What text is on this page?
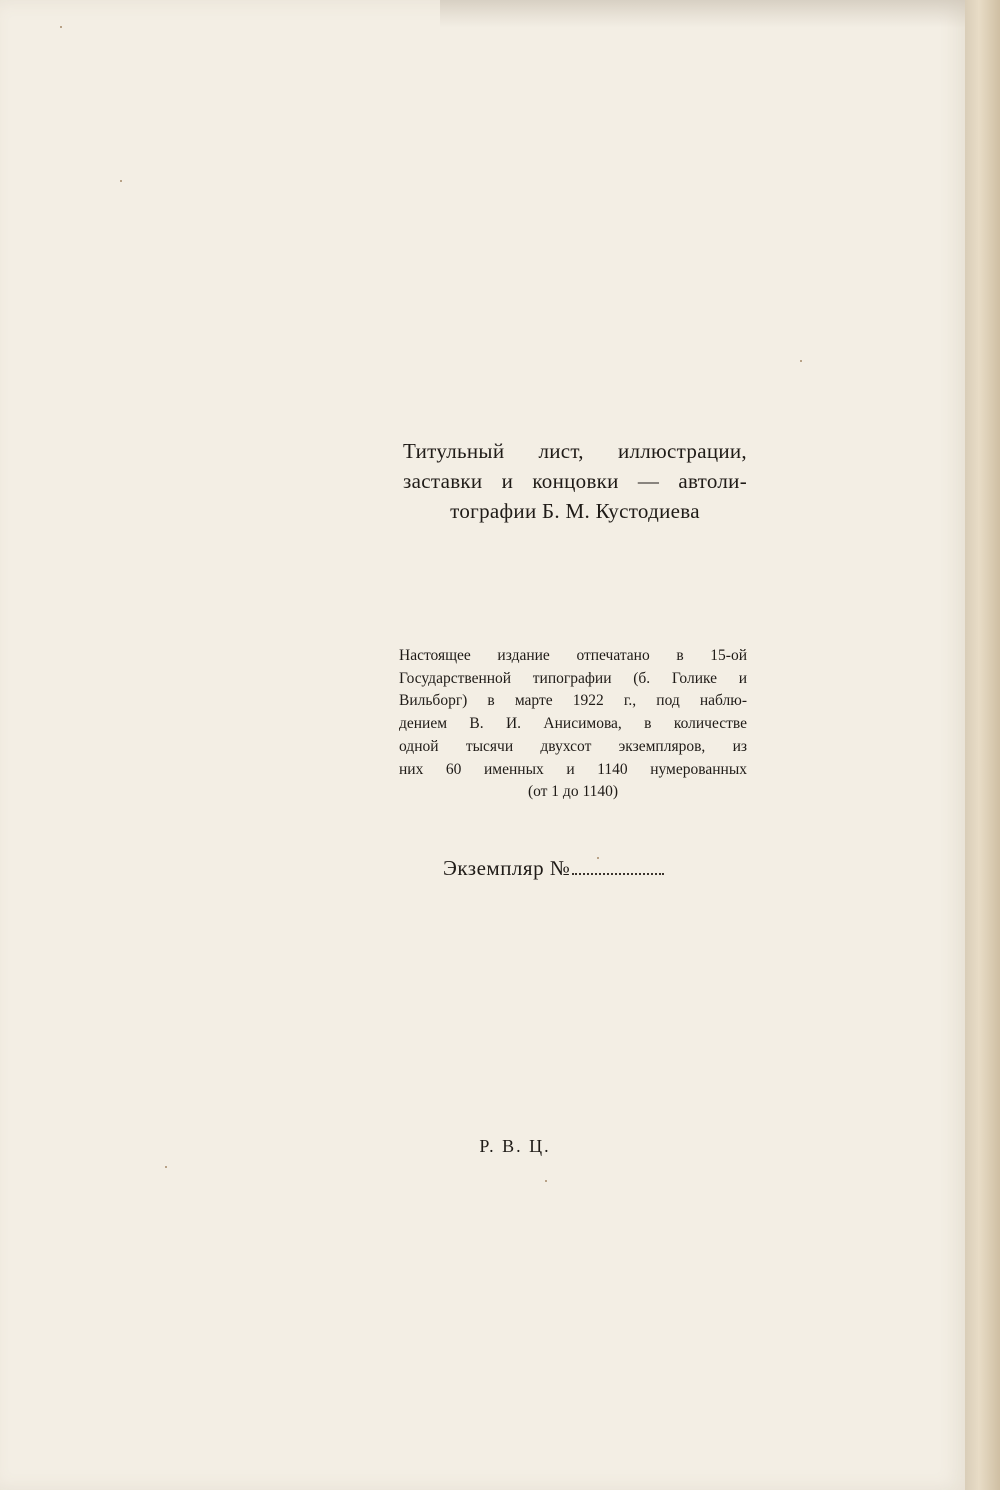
Титульный лист, иллюстрации,
заставки и концовки — автоли-
тографии Б. М. Кустодиева
Настоящее издание отпечатано в 15-ой
Государственной типографии (б. Голике и
Вильборг) в марте 1922 г., под наблю-
дением В. И. Анисимова, в количестве
одной тысячи двухсот экземпляров, из
них 60 именных и 1140 нумерованных
(от 1 до 1140)
Экземпляр №
Р. В. Ц.
